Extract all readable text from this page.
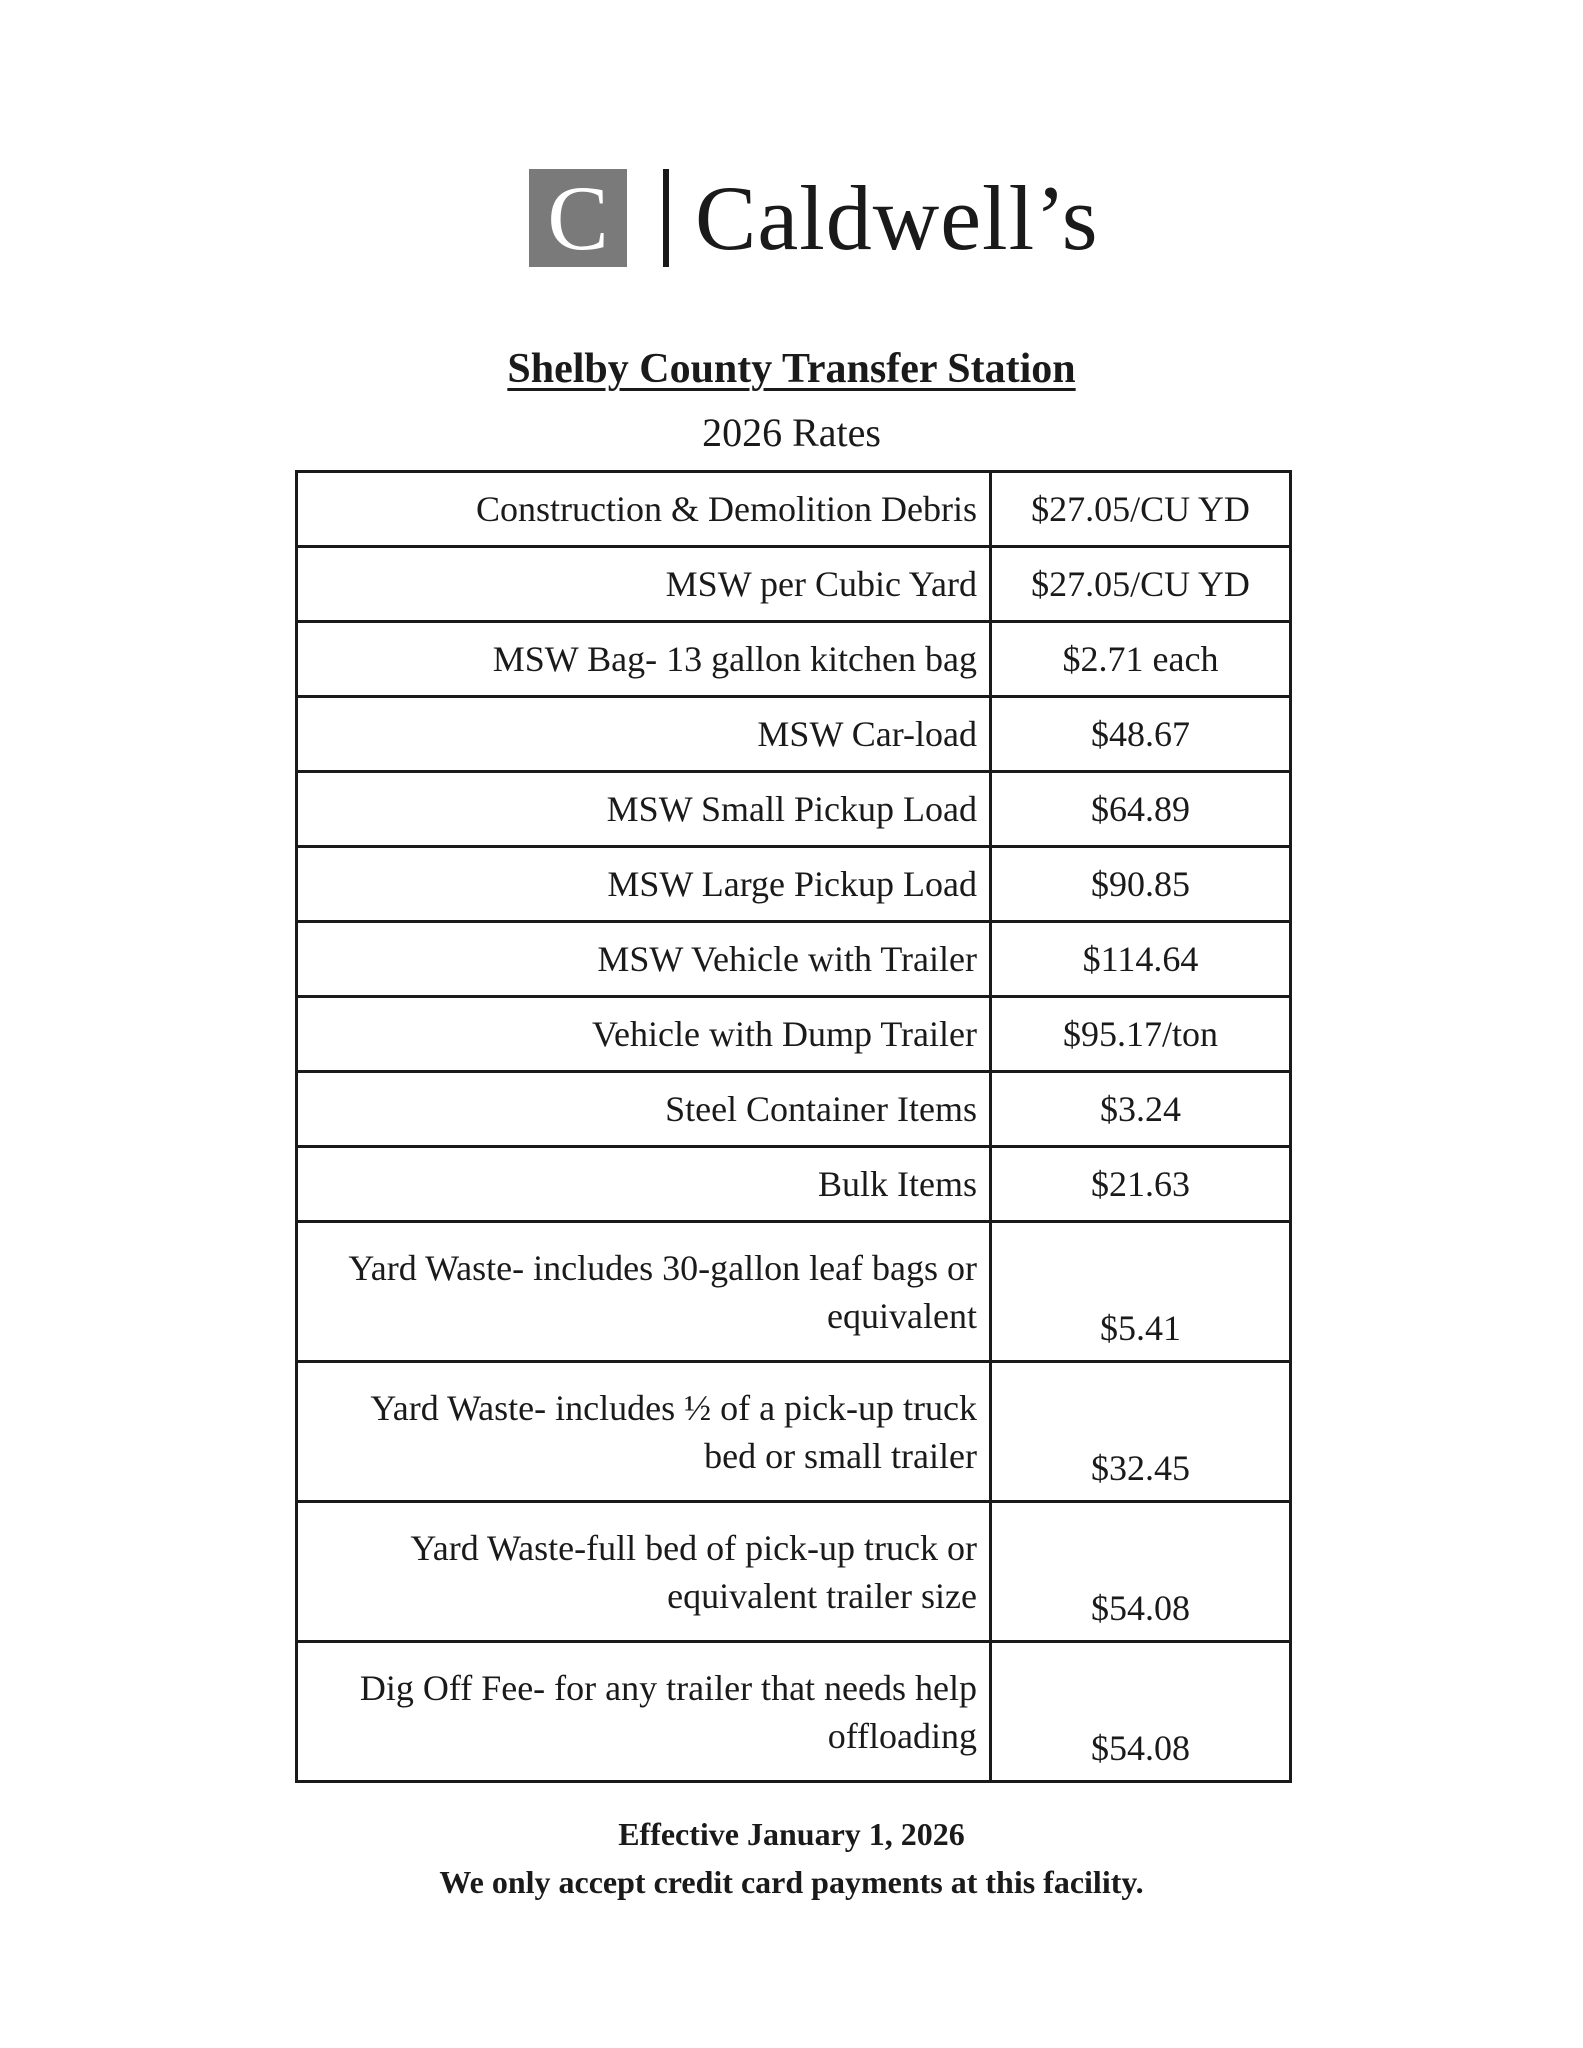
C Caldwell’s
Shelby County Transfer Station
2026 Rates
Construction & Demolition Debris	$27.05/CU YD
MSW per Cubic Yard	$27.05/CU YD
MSW Bag- 13 gallon kitchen bag	$2.71 each
MSW Car-load	$48.67
MSW Small Pickup Load	$64.89
MSW Large Pickup Load	$90.85
MSW Vehicle with Trailer	$114.64
Vehicle with Dump Trailer	$95.17/ton
Steel Container Items	$3.24
Bulk Items	$21.63
Yard Waste- includes 30-gallon leaf bags or equivalent	$5.41
Yard Waste- includes ½ of a pick-up truck bed or small trailer	$32.45
Yard Waste-full bed of pick-up truck or equivalent trailer size	$54.08
Dig Off Fee- for any trailer that needs help offloading	$54.08
Effective January 1, 2026
We only accept credit card payments at this facility.
